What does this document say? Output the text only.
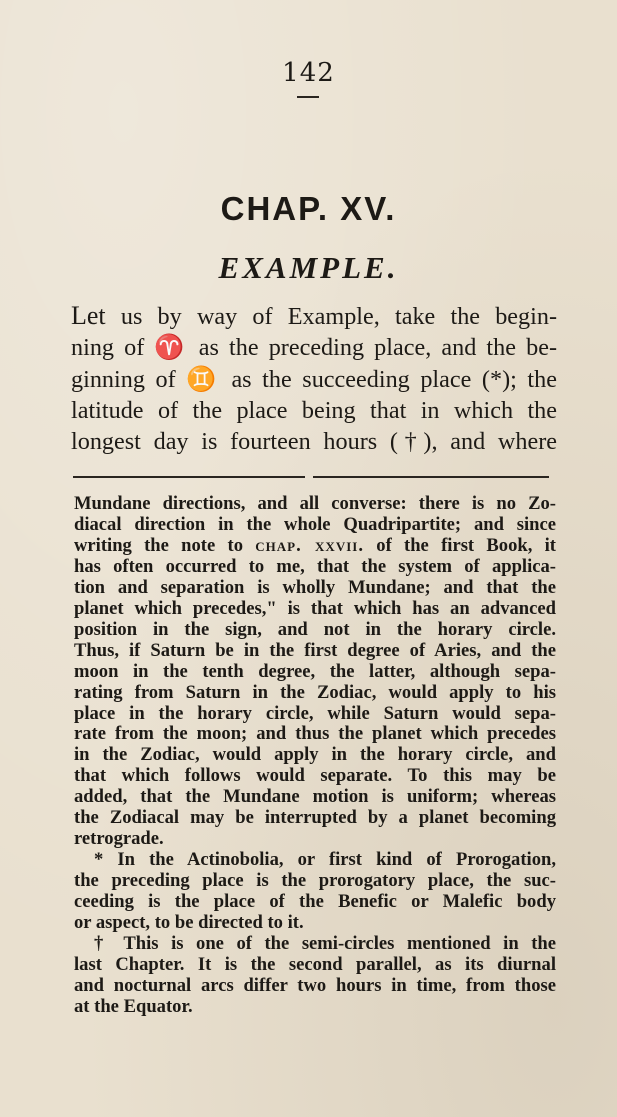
142
CHAP. XV.
EXAMPLE.
Let us by way of Example, take the begin-
ning of ♈ as the preceding place, and the be-
ginning of ♊ as the succeeding place (*); the
latitude of the place being that in which the
longest day is fourteen hours (†), and where
Mundane directions, and all converse: there is no Zo-
diacal direction in the whole Quadripartite; and since
writing the note to chap. xxvii. of the first Book, it
has often occurred to me, that the system of applica-
tion and separation is wholly Mundane; and that the
planet which precedes," is that which has an advanced
position in the sign, and not in the horary circle.
Thus, if Saturn be in the first degree of Aries, and the
moon in the tenth degree, the latter, although sepa-
rating from Saturn in the Zodiac, would apply to his
place in the horary circle, while Saturn would sepa-
rate from the moon; and thus the planet which precedes
in the Zodiac, would apply in the horary circle, and
that which follows would separate. To this may be
added, that the Mundane motion is uniform; whereas
the Zodiacal may be interrupted by a planet becoming
retrograde.
* In the Actinobolia, or first kind of Prorogation,
the preceding place is the prorogatory place, the suc-
ceeding is the place of the Benefic or Malefic body
or aspect, to be directed to it.
† This is one of the semi-circles mentioned in the
last Chapter. It is the second parallel, as its diurnal
and nocturnal arcs differ two hours in time, from those
at the Equator.
